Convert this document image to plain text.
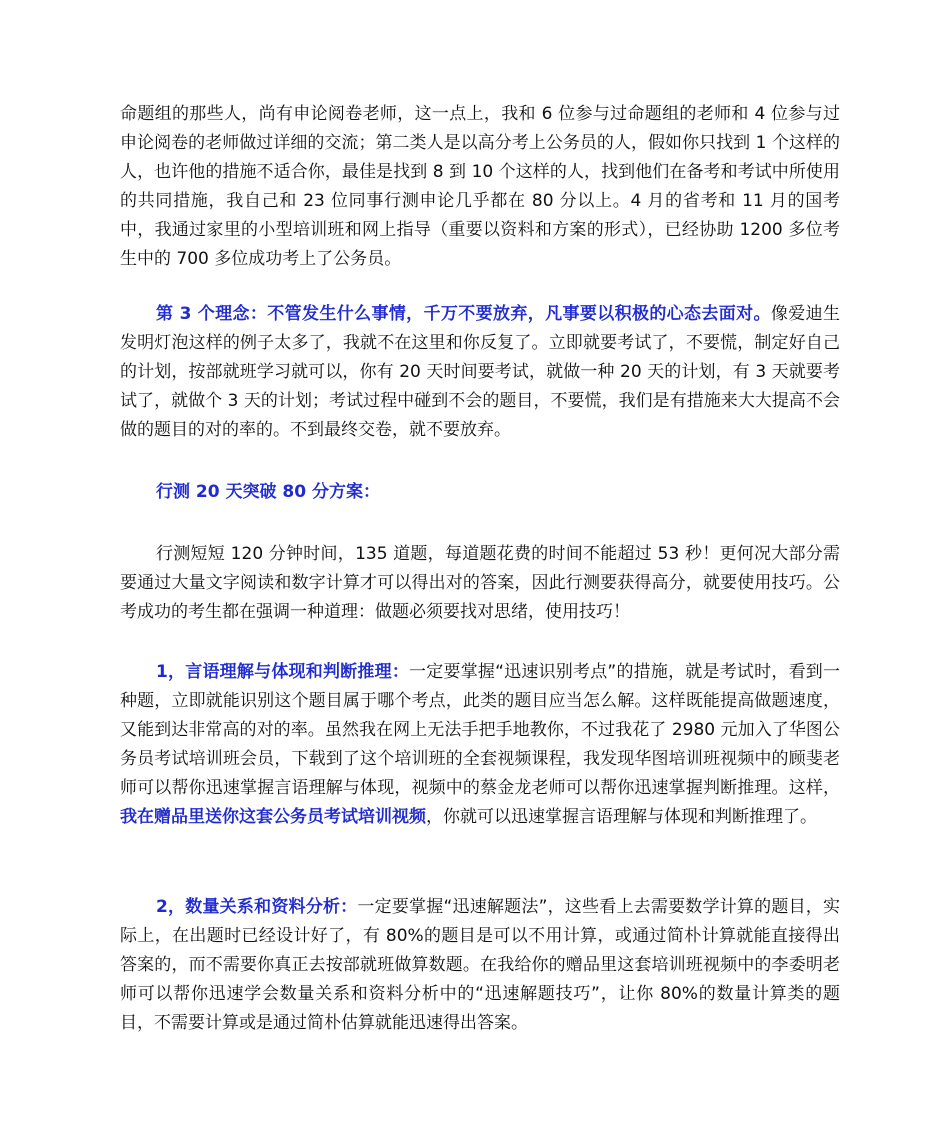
命题组的那些人，尚有申论阅卷老师，这一点上，我和 6 位参与过命题组的老师和 4 位参与过申论阅卷的老师做过详细的交流；第二类人是以高分考上公务员的人，假如你只找到 1 个这样的人，也许他的措施不适合你，最佳是找到 8 到 10 个这样的人，找到他们在备考和考试中所使用的共同措施，我自己和 23 位同事行测申论几乎都在 80 分以上。4 月的省考和 11 月的国考中，我通过家里的小型培训班和网上指导（重要以资料和方案的形式），已经协助 1200 多位考生中的 700 多位成功考上了公务员。

第 3 个理念：不管发生什么事情，千万不要放弃，凡事要以积极的心态去面对。像爱迪生发明灯泡这样的例子太多了，我就不在这里和你反复了。立即就要考试了，不要慌，制定好自己的计划，按部就班学习就可以，你有 20 天时间要考试，就做一种 20 天的计划，有 3 天就要考试了，就做个 3 天的计划；考试过程中碰到不会的题目，不要慌，我们是有措施来大大提高不会做的题目的对的率的。不到最终交卷，就不要放弃。

行测 20 天突破 80 分方案：

行测短短 120 分钟时间，135 道题，每道题花费的时间不能超过 53 秒！更何况大部分需要通过大量文字阅读和数字计算才可以得出对的答案，因此行测要获得高分，就要使用技巧。公考成功的考生都在强调一种道理：做题必须要找对思绪，使用技巧！

1，言语理解与体现和判断推理：一定要掌握“迅速识别考点”的措施，就是考试时，看到一种题，立即就能识别这个题目属于哪个考点，此类的题目应当怎么解。这样既能提高做题速度，又能到达非常高的对的率。虽然我在网上无法手把手地教你，不过我花了 2980 元加入了华图公务员考试培训班会员，下载到了这个培训班的全套视频课程，我发现华图培训班视频中的顾斐老师可以帮你迅速掌握言语理解与体现，视频中的蔡金龙老师可以帮你迅速掌握判断推理。这样，我在赠品里送你这套公务员考试培训视频，你就可以迅速掌握言语理解与体现和判断推理了。

2，数量关系和资料分析：一定要掌握“迅速解题法”，这些看上去需要数学计算的题目，实际上，在出题时已经设计好了，有 80%的题目是可以不用计算，或通过简朴计算就能直接得出答案的，而不需要你真正去按部就班做算数题。在我给你的赠品里这套培训班视频中的李委明老师可以帮你迅速学会数量关系和资料分析中的“迅速解题技巧”，让你 80%的数量计算类的题目，不需要计算或是通过简朴估算就能迅速得出答案。
